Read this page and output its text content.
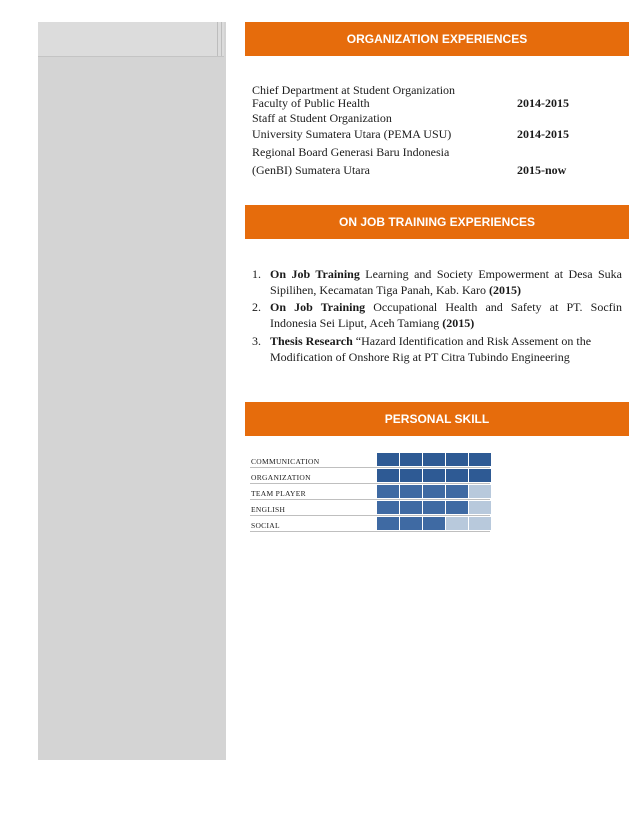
ORGANIZATION EXPERIENCES
Chief Department at Student Organization
Faculty of Public Health	2014-2015
Staff at Student Organization
University Sumatera Utara (PEMA USU)	2014-2015
Regional Board Generasi Baru Indonesia
(GenBI) Sumatera Utara	2015-now
ON JOB TRAINING EXPERIENCES
1. On Job Training Learning and Society Empowerment at Desa Suka Sipilihen, Kecamatan Tiga Panah, Kab. Karo (2015)
2. On Job Training Occupational Health and Safety at PT. Socfin Indonesia Sei Liput, Aceh Tamiang (2015)
3. Thesis Research “Hazard Identification and Risk Assement on the Modification of Onshore Rig at PT Citra Tubindo Engineering
PERSONAL SKILL
COMMUNICATION
ORGANIZATION
TEAM PLAYER
ENGLISH
SOCIAL
